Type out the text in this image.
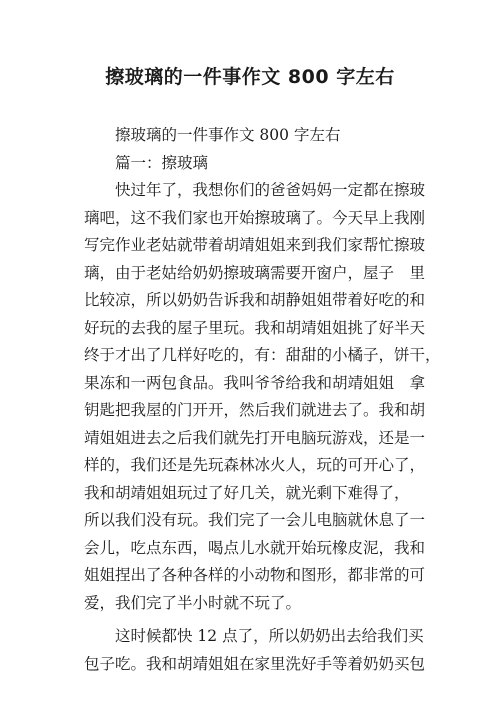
擦玻璃的一件事作文 800 字左右
　　擦玻璃的一件事作文 800 字左右
　　篇一：擦玻璃
　　快过年了，我想你们的爸爸妈妈一定都在擦玻
璃吧，这不我们家也开始擦玻璃了。今天早上我刚
写完作业老姑就带着胡靖姐姐来到我们家帮忙擦玻
璃，由于老姑给奶奶擦玻璃需要开窗户，屋子　里
比较凉，所以奶奶告诉我和胡静姐姐带着好吃的和
好玩的去我的屋子里玩。我和胡靖姐姐挑了好半天
终于才出了几样好吃的，有：甜甜的小橘子，饼干，
果冻和一两包食品。我叫爷爷给我和胡靖姐姐　拿
钥匙把我屋的门开开，然后我们就进去了。我和胡
靖姐姐进去之后我们就先打开电脑玩游戏，还是一
样的，我们还是先玩森林冰火人，玩的可开心了，
我和胡靖姐姐玩过了好几关，就光剩下难得了，
所以我们没有玩。我们完了一会儿电脑就休息了一
会儿，吃点东西，喝点儿水就开始玩橡皮泥，我和
姐姐捏出了各种各样的小动物和图形，都非常的可
爱，我们完了半小时就不玩了。
　　这时候都快 12 点了，所以奶奶出去给我们买
包子吃。我和胡靖姐姐在家里洗好手等着奶奶买包
